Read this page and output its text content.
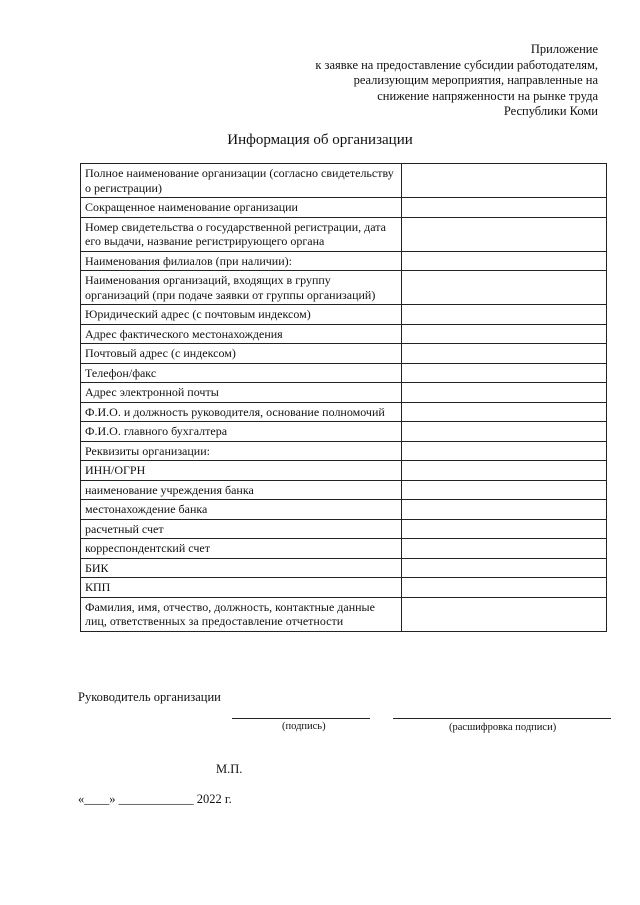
Приложение
к заявке на предоставление субсидии работодателям,
реализующим мероприятия, направленные на
снижение напряженности на рынке труда
Республики Коми
Информация об организации
Полное наименование организации (согласно свидетельству о регистрации)	
Сокращенное наименование организации	
Номер свидетельства о государственной регистрации, дата его выдачи, название регистрирующего органа	
Наименования филиалов (при наличии):	
Наименования организаций, входящих в группу организаций (при подаче заявки от группы организаций)	
Юридический адрес (с почтовым индексом)	
Адрес фактического местонахождения	
Почтовый адрес (с индексом)	
Телефон/факс	
Адрес электронной почты	
Ф.И.О. и должность руководителя, основание полномочий	
Ф.И.О. главного бухгалтера	
Реквизиты организации:	
ИНН/ОГРН	
наименование учреждения банка	
местонахождение банка	
расчетный счет	
корреспондентский счет	
БИК	
КПП	
Фамилия, имя, отчество, должность, контактные данные лиц, ответственных за предоставление отчетности	
Руководитель организации
(подпись)	(расшифровка подписи)
М.П.
«____» ____________ 2022 г.
